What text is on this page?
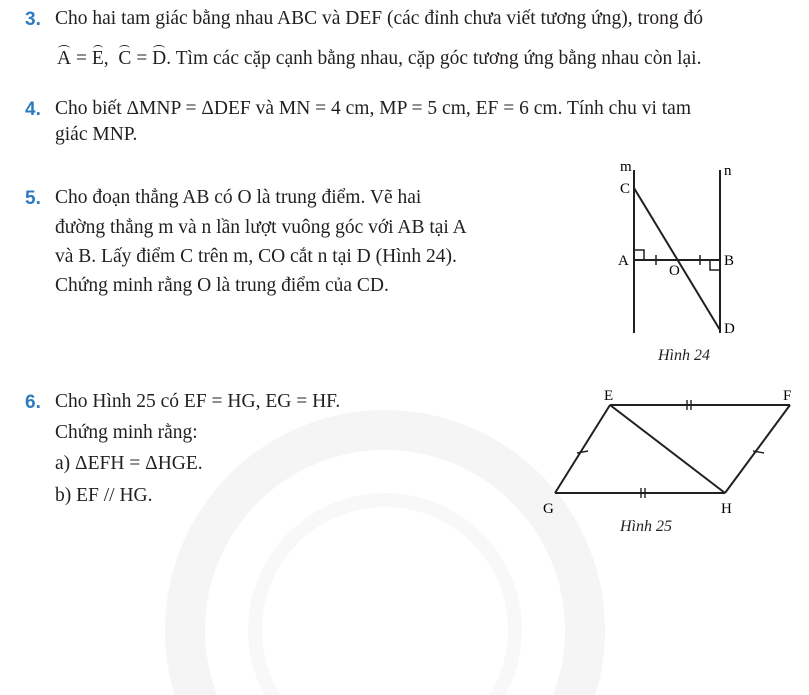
3. Cho hai tam giác bằng nhau ABC và DEF (các đỉnh chưa viết tương ứng), trong đó
A = E,  C = D. Tìm các cặp cạnh bằng nhau, cặp góc tương ứng bằng nhau còn lại.
4. Cho biết ΔMNP = ΔDEF và MN = 4 cm, MP = 5 cm, EF = 6 cm. Tính chu vi tam
giác MNP.
5. Cho đoạn thẳng AB có O là trung điểm. Vẽ hai
đường thẳng m và n lần lượt vuông góc với AB tại A
và B. Lấy điểm C trên m, CO cắt n tại D (Hình 24).
Chứng minh rằng O là trung điểm của CD.
6. Cho Hình 25 có EF = HG, EG = HF.
Chứng minh rằng:
a) ΔEFH = ΔHGE.
b) EF // HG.
m	n
C
A
O
B
D
Hình 24
E	F
G	H
Hình 25
